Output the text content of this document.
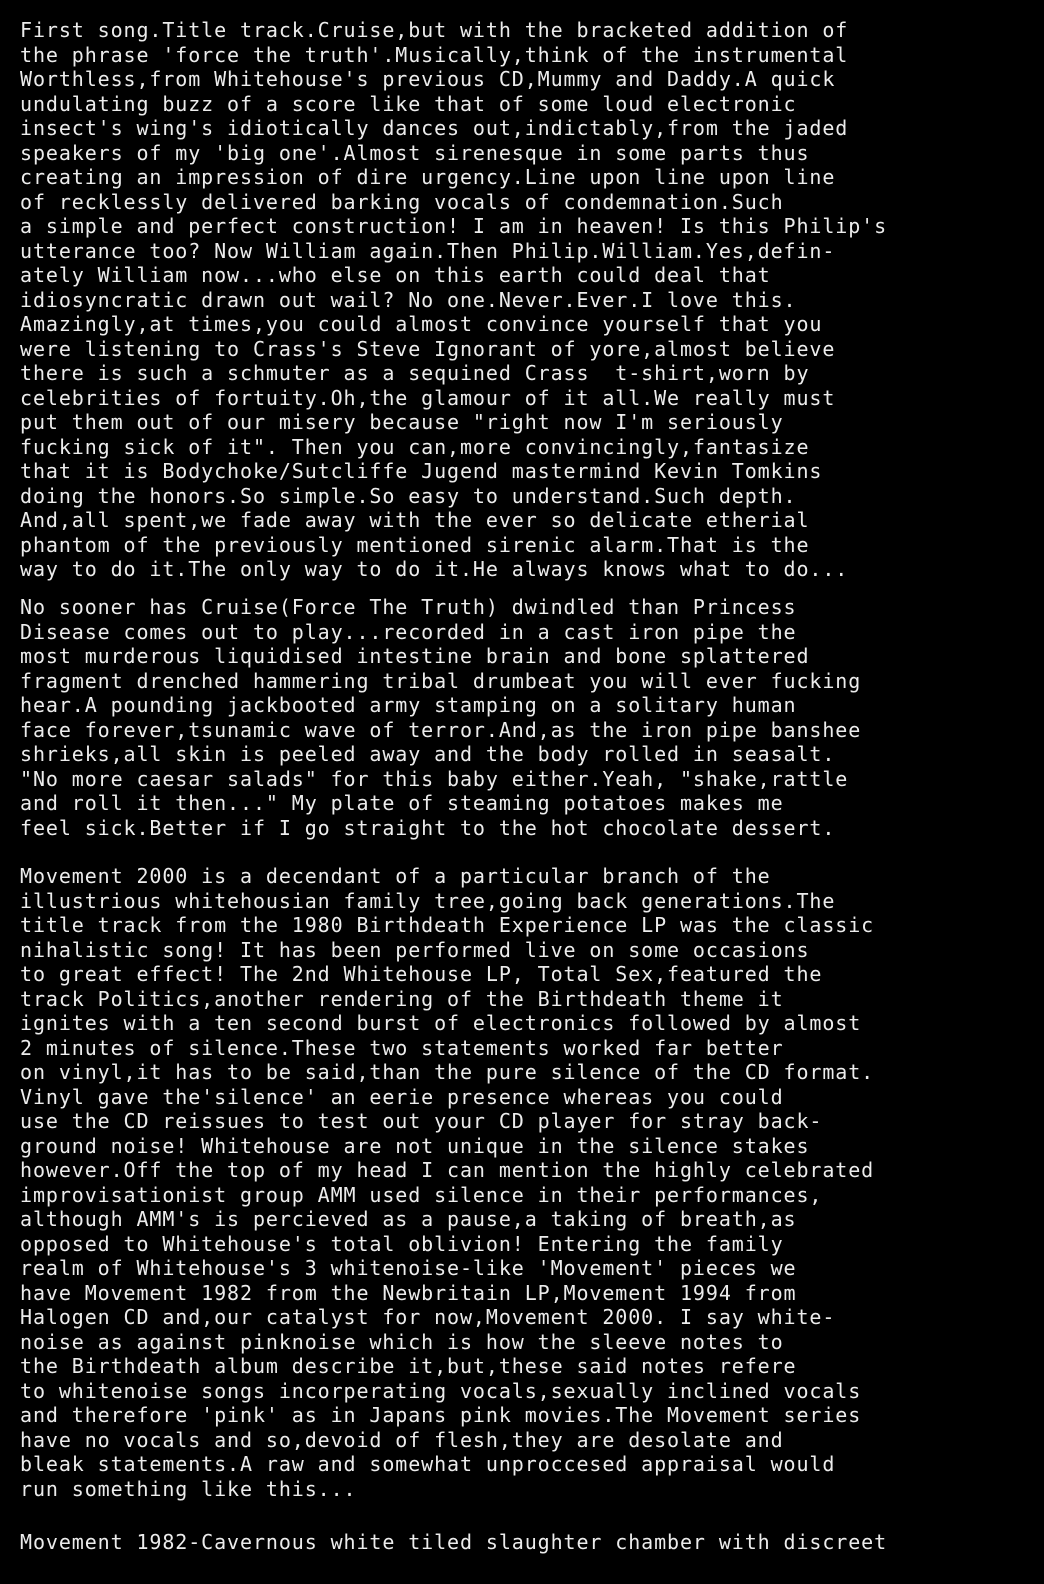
First song.Title track.Cruise,but with the bracketed addition of
the phrase 'force the truth'.Musically,think of the instrumental
Worthless,from Whitehouse's previous CD,Mummy and Daddy.A quick
undulating buzz of a score like that of some loud electronic
insect's wing's idiotically dances out,indictably,from the jaded
speakers of my 'big one'.Almost sirenesque in some parts thus
creating an impression of dire urgency.Line upon line upon line
of recklessly delivered barking vocals of condemnation.Such
a simple and perfect construction! I am in heaven! Is this Philip's
utterance too? Now William again.Then Philip.William.Yes,defin-
ately William now...who else on this earth could deal that
idiosyncratic drawn out wail? No one.Never.Ever.I love this.
Amazingly,at times,you could almost convince yourself that you
were listening to Crass's Steve Ignorant of yore,almost believe
there is such a schmuter as a sequined Crass  t-shirt,worn by
celebrities of fortuity.Oh,the glamour of it all.We really must
put them out of our misery because "right now I'm seriously
fucking sick of it". Then you can,more convincingly,fantasize
that it is Bodychoke/Sutcliffe Jugend mastermind Kevin Tomkins
doing the honors.So simple.So easy to understand.Such depth.
And,all spent,we fade away with the ever so delicate etherial
phantom of the previously mentioned sirenic alarm.That is the
way to do it.The only way to do it.He always knows what to do...
No sooner has Cruise(Force The Truth) dwindled than Princess
Disease comes out to play...recorded in a cast iron pipe the
most murderous liquidised intestine brain and bone splattered
fragment drenched hammering tribal drumbeat you will ever fucking
hear.A pounding jackbooted army stamping on a solitary human
face forever,tsunamic wave of terror.And,as the iron pipe banshee
shrieks,all skin is peeled away and the body rolled in seasalt.
"No more caesar salads" for this baby either.Yeah, "shake,rattle
and roll it then..." My plate of steaming potatoes makes me
feel sick.Better if I go straight to the hot chocolate dessert.
Movement 2000 is a decendant of a particular branch of the
illustrious whitehousian family tree,going back generations.The
title track from the 1980 Birthdeath Experience LP was the classic
nihalistic song! It has been performed live on some occasions
to great effect! The 2nd Whitehouse LP, Total Sex,featured the
track Politics,another rendering of the Birthdeath theme it
ignites with a ten second burst of electronics followed by almost
2 minutes of silence.These two statements worked far better
on vinyl,it has to be said,than the pure silence of the CD format.
Vinyl gave the'silence' an eerie presence whereas you could
use the CD reissues to test out your CD player for stray back-
ground noise! Whitehouse are not unique in the silence stakes
however.Off the top of my head I can mention the highly celebrated
improvisationist group AMM used silence in their performances,
although AMM's is percieved as a pause,a taking of breath,as
opposed to Whitehouse's total oblivion! Entering the family
realm of Whitehouse's 3 whitenoise-like 'Movement' pieces we
have Movement 1982 from the Newbritain LP,Movement 1994 from
Halogen CD and,our catalyst for now,Movement 2000. I say white-
noise as against pinknoise which is how the sleeve notes to
the Birthdeath album describe it,but,these said notes refere
to whitenoise songs incorperating vocals,sexually inclined vocals
and therefore 'pink' as in Japans pink movies.The Movement series
have no vocals and so,devoid of flesh,they are desolate and
bleak statements.A raw and somewhat unproccesed appraisal would
run something like this...
Movement 1982-Cavernous white tiled slaughter chamber with discreet
